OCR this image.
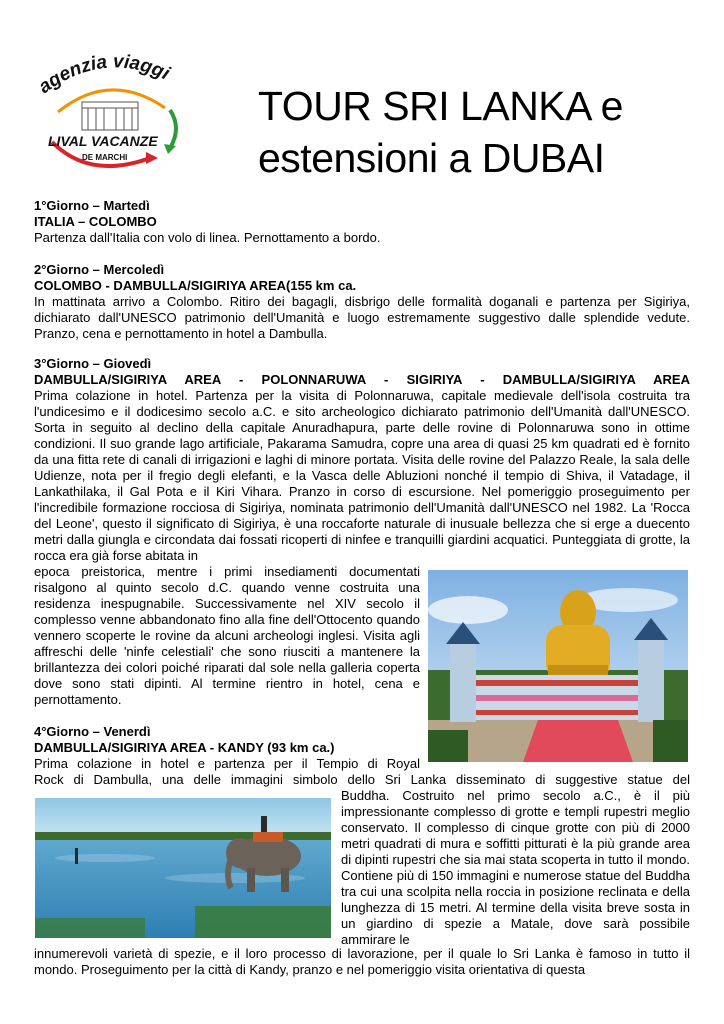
agenzia viaggi
LIVAL VACANZE
DE MARCHI
TOUR SRI LANKA e
estensioni a DUBAI
1°Giorno – Martedì
ITALIA – COLOMBO
Partenza dall'Italia con volo di linea. Pernottamento a bordo.
2°Giorno – Mercoledì
COLOMBO - DAMBULLA/SIGIRIYA AREA(155 km ca.
In mattinata arrivo a Colombo. Ritiro dei bagagli, disbrigo delle formalità doganali e partenza per Sigiriya, dichiarato dall'UNESCO patrimonio dell'Umanità e luogo estremamente suggestivo dalle splendide vedute. Pranzo, cena e pernottamento in hotel a Dambulla.
3°Giorno – Giovedì
DAMBULLA/SIGIRIYA AREA - POLONNARUWA - SIGIRIYA - DAMBULLA/SIGIRIYA AREA
Prima colazione in hotel. Partenza per la visita di Polonnaruwa, capitale medievale dell'isola costruita tra l'undicesimo e il dodicesimo secolo a.C. e sito archeologico dichiarato patrimonio dell'Umanità dall'UNESCO. Sorta in seguito al declino della capitale Anuradhapura, parte delle rovine di Polonnaruwa sono in ottime condizioni. Il suo grande lago artificiale, Pakarama Samudra, copre una area di quasi 25 km quadrati ed è fornito da una fitta rete di canali di irrigazioni e laghi di minore portata. Visita delle rovine del Palazzo Reale, la sala delle Udienze, nota per il fregio degli elefanti, e la Vasca delle Abluzioni nonché il tempio di Shiva, il Vatadage, il Lankathilaka, il Gal Pota e il Kiri Vihara. Pranzo in corso di escursione. Nel pomeriggio proseguimento per l'incredibile formazione rocciosa di Sigiriya, nominata patrimonio dell'Umanità dall'UNESCO nel 1982. La 'Rocca del Leone', questo il significato di Sigiriya, è una roccaforte naturale di inusuale bellezza che si erge a duecento metri dalla giungla e circondata dai fossati ricoperti di ninfee e tranquilli giardini acquatici. Punteggiata di grotte, la rocca era già forse abitata in
epoca preistorica, mentre i primi insediamenti documentati risalgono al quinto secolo d.C. quando venne costruita una residenza inespugnabile. Successivamente nel XIV secolo il complesso venne abbandonato fino alla fine dell'Ottocento quando vennero scoperte le rovine da alcuni archeologi inglesi. Visita agli affreschi delle 'ninfe celestiali' che sono riusciti a mantenere la brillantezza dei colori poiché riparati dal sole nella galleria coperta dove sono stati dipinti. Al termine rientro in hotel, cena e pernottamento.
4°Giorno – Venerdì
DAMBULLA/SIGIRIYA AREA - KANDY (93 km ca.)
Prima colazione in hotel e partenza per il Tempio di Royal
Rock di Dambulla, una delle immagini simbolo dello Sri Lanka disseminato di suggestive statue del
Buddha. Costruito nel primo secolo a.C., è il più impressionante complesso di grotte e templi rupestri meglio conservato. Il complesso di cinque grotte con più di 2000 metri quadrati di mura e soffitti pitturati è la più grande area di dipinti rupestri che sia mai stata scoperta in tutto il mondo. Contiene più di 150 immagini e numerose statue del Buddha tra cui una scolpita nella roccia in posizione reclinata e della lunghezza di 15 metri. Al termine della visita breve sosta in un giardino di spezie a Matale, dove sarà possibile ammirare le
innumerevoli varietà di spezie, e il loro processo di lavorazione, per il quale lo Sri Lanka è famoso in tutto il mondo. Proseguimento per la città di Kandy, pranzo e nel pomeriggio visita orientativa di questa
